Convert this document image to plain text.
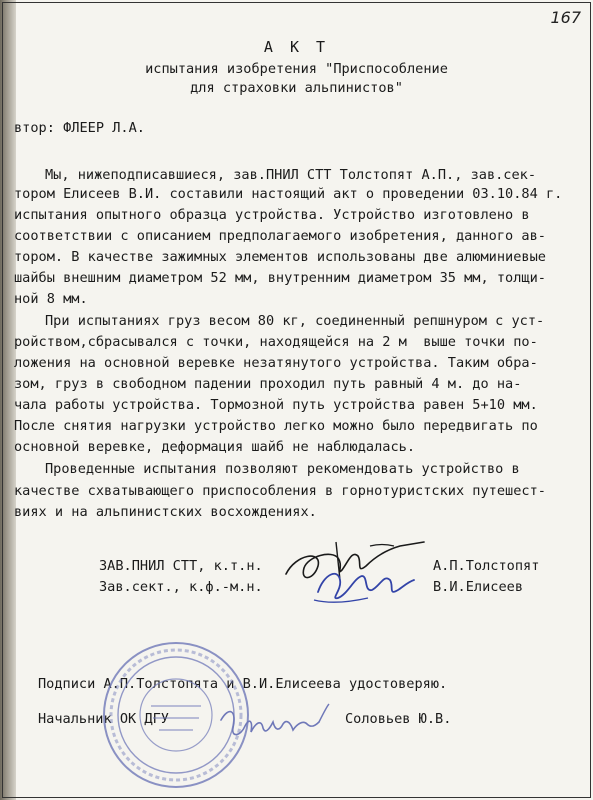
167
А К Т
испытания изобретения "Приспособление
для страховки альпинистов"
втор: ФЛЕЕР Л.А.
Мы, нижеподписавшиеся, зав.ПНИЛ СТТ Толстопят А.П., зав.сек-
тором Елисеев В.И. составили настоящий акт о проведении 03.10.84 г.
испытания опытного образца устройства. Устройство изготовлено в
соответствии с описанием предполагаемого изобретения, данного ав-
тором. В качестве зажимных элементов использованы две алюминиевые
шайбы внешним диаметром 52 мм, внутренним диаметром 35 мм, толщи-
ной 8 мм.
При испытаниях груз весом 80 кг, соединенный репшнуром с уст-
ройством,сбрасывался с точки, находящейся на 2 м  выше точки по-
ложения на основной веревке незатянутого устройства. Таким обра-
зом, груз в свободном падении проходил путь равный 4 м. до на-
чала работы устройства. Тормозной путь устройства равен 5+10 мм.
После снятия нагрузки устройство легко можно было передвигать по
основной веревке, деформация шайб не наблюдалась.
Проведенные испытания позволяют рекомендовать устройство в
качестве схватывающего приспособления в горнотуристских путешест-
виях и на альпинистских восхождениях.
ЗАВ.ПНИЛ СТТ, к.т.н.	А.П.Толстопят
Зав.сект., к.ф.-м.н.	В.И.Елисеев
Подписи А.П.Толстопята и В.И.Елисеева удостоверяю.
Начальник ОК ДГУ	Соловьев Ю.В.
